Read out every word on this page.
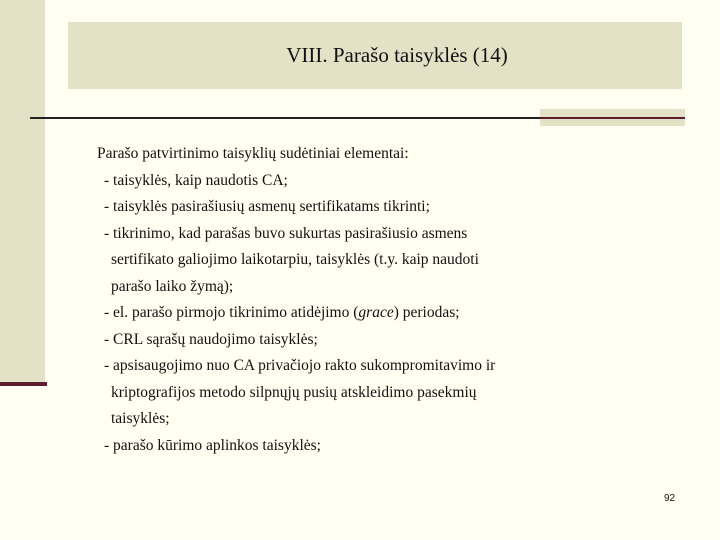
VIII. Parašo taisyklės (14)

Parašo patvirtinimo taisyklių sudėtiniai elementai:

- taisyklės, kaip naudotis CA;

- taisyklės pasirašiusių asmenų sertifikatams tikrinti;

- tikrinimo, kad parašas buvo sukurtas pasirašiusio asmens

sertifikato galiojimo laikotarpiu, taisyklės (t.y. kaip naudoti

parašo laiko žymą);

- el. parašo pirmojo tikrinimo atidėjimo (grace) periodas;

- CRL sąrašų naudojimo taisyklės;

- apsisaugojimo nuo CA privačiojo rakto sukompromitavimo ir

kriptografijos metodo silpnųjų pusių atskleidimo pasekmių

taisyklės;

- parašo kūrimo aplinkos taisyklės;

92
